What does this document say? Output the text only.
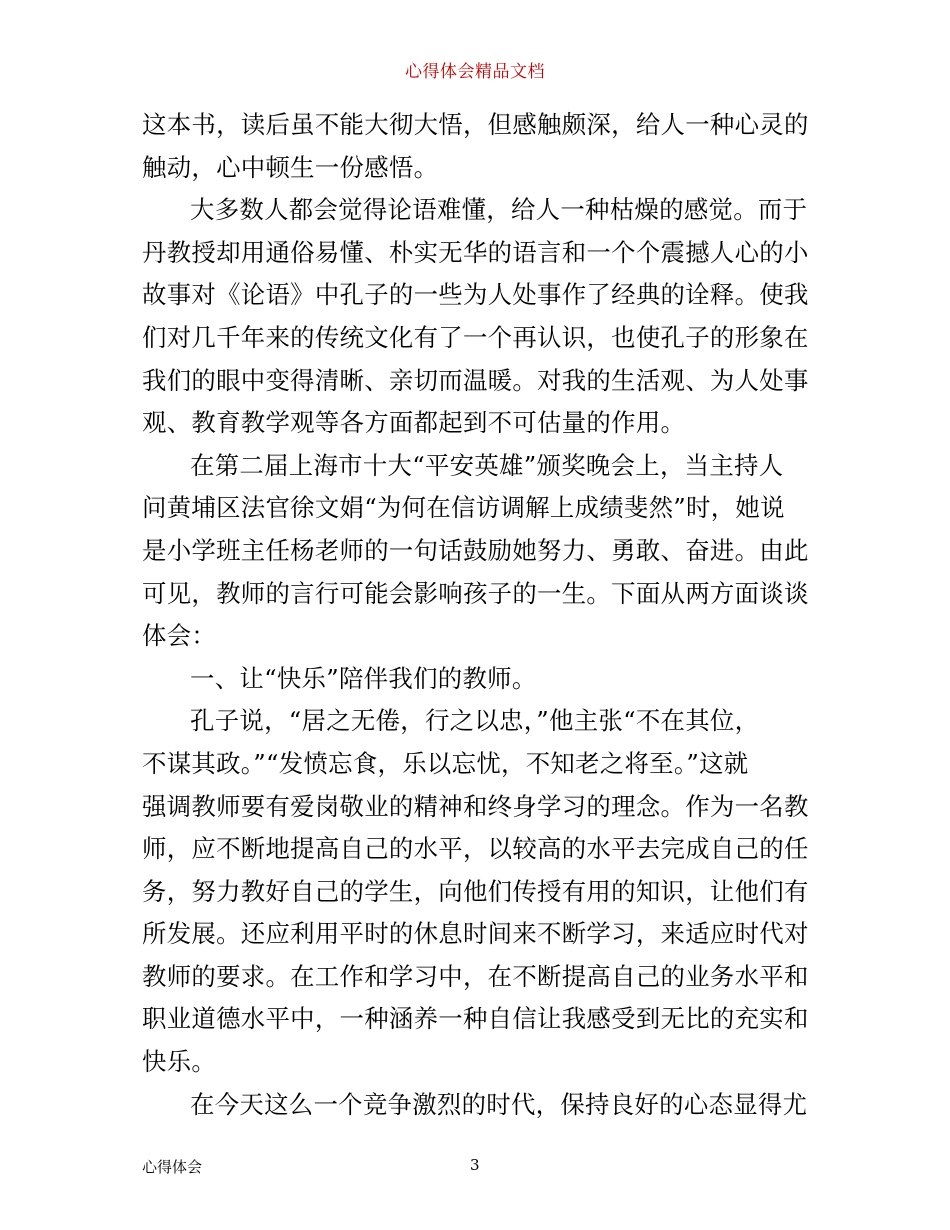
心得体会精品文档
这本书，读后虽不能大彻大悟，但感触颇深，给人一种心灵的
触动，心中顿生一份感悟。
大多数人都会觉得论语难懂，给人一种枯燥的感觉。而于
丹教授却用通俗易懂、朴实无华的语言和一个个震撼人心的小
故事对《论语》中孔子的一些为人处事作了经典的诠释。使我
们对几千年来的传统文化有了一个再认识，也使孔子的形象在
我们的眼中变得清晰、亲切而温暖。对我的生活观、为人处事
观、教育教学观等各方面都起到不可估量的作用。
在第二届上海市十大“平安英雄”颁奖晚会上，当主持人
问黄埔区法官徐文娟“为何在信访调解上成绩斐然”时，她说
是小学班主任杨老师的一句话鼓励她努力、勇敢、奋进。由此
可见，教师的言行可能会影响孩子的一生。下面从两方面谈谈
体会：
一、让“快乐”陪伴我们的教师。
孔子说，“居之无倦，行之以忠，”他主张“不在其位，
不谋其政。”“发愤忘食，乐以忘忧，不知老之将至。”这就
强调教师要有爱岗敬业的精神和终身学习的理念。作为一名教
师，应不断地提高自己的水平，以较高的水平去完成自己的任
务，努力教好自己的学生，向他们传授有用的知识，让他们有
所发展。还应利用平时的休息时间来不断学习，来适应时代对
教师的要求。在工作和学习中，在不断提高自己的业务水平和
职业道德水平中，一种涵养一种自信让我感受到无比的充实和
快乐。
在今天这么一个竞争激烈的时代，保持良好的心态显得尤
心得体会	3
